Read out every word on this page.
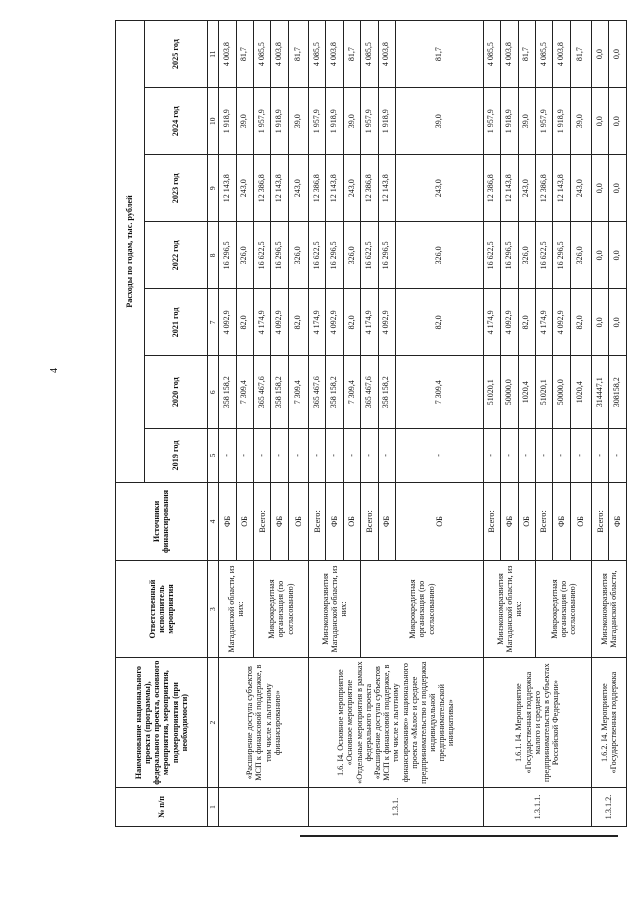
4
№ п/п	Наименование национального проекта (программы), федерального проекта, основного мероприятия, мероприятия, подмероприятия (при необходимости)	Ответственный исполнитель мероприятия	Источники финансирования	Расходы по годам, тыс. рублей						
				2019 год	2020 год	2021 год	2022 год	2023 год	2024 год	2025 год
1	2	3	4	5	6	7	8	9	10	11
	«Расширение доступа субъектов МСП к финансовой поддержке, в том числе к льготному финансированию»	Магаданской области, из них:	ФБ	-	358 158,2	4 092,9	16 296,5	12 143,8	1 918,9	4 003,8
			ОБ	-	7 309,4	82,0	326,0	243,0	39,0	81,7
		Микрокредитная организация (по согласованию)	Всего:	-	365 467,6	4 174,9	16 622,5	12 386,8	1 957,9	4 085,5
			ФБ	-	358 158,2	4 092,9	16 296,5	12 143,8	1 918,9	4 003,8
			ОБ	-	7 309,4	82,0	326,0	243,0	39,0	81,7
1.3.1.	1.6. I4. Основное мероприятие «Основное мероприятие «Отдельные мероприятия в рамках федерального проекта «Расширение доступа субъектов МСП к финансовой поддержке, в том числе к льготному финансированию» национального проекта «Малое и среднее предпринимательство и поддержка индивидуальной предпринимательской инициативы»	Минэкономразвития Магаданской области, из них:	Всего:	-	365 467,6	4 174,9	16 622,5	12 386,8	1 957,9	4 085,5
			ФБ	-	358 158,2	4 092,9	16 296,5	12 143,8	1 918,9	4 003,8
			ОБ	-	7 309,4	82,0	326,0	243,0	39,0	81,7
		Микрокредитная организация (по согласованию)	Всего:	-	365 467,6	4 174,9	16 622,5	12 386,8	1 957,9	4 085,5
			ФБ	-	358 158,2	4 092,9	16 296,5	12 143,8	1 918,9	4 003,8
			ОБ	-	7 309,4	82,0	326,0	243,0	39,0	81,7
1.3.1.1.	1.6.1. I4. Мероприятие «Государственная поддержка малого и среднего предпринимательства в субъектах Российской Федерации»	Минэкономразвития Магаданской области, из них:	Всего:	-	51020,1	4 174,9	16 622,5	12 386,8	1 957,9	4 085,5
			ФБ	-	50000,0	4 092,9	16 296,5	12 143,8	1 918,9	4 003,8
			ОБ	-	1020,4	82,0	326,0	243,0	39,0	81,7
		Микрокредитная организация (по согласованию)	Всего:	-	51020,1	4 174,9	16 622,5	12 386,8	1 957,9	4 085,5
			ФБ	-	50000,0	4 092,9	16 296,5	12 143,8	1 918,9	4 003,8
			ОБ	-	1020,4	82,0	326,0	243,0	39,0	81,7
1.3.1.2.	1.6.2. I4. Мероприятие «Государственная поддержка	Минэкономразвития Магаданской области,	Всего:	-	314447,1	0,0	0,0	0,0	0,0	0,0
			ФБ	-	308158,2	0,0	0,0	0,0	0,0	0,0
